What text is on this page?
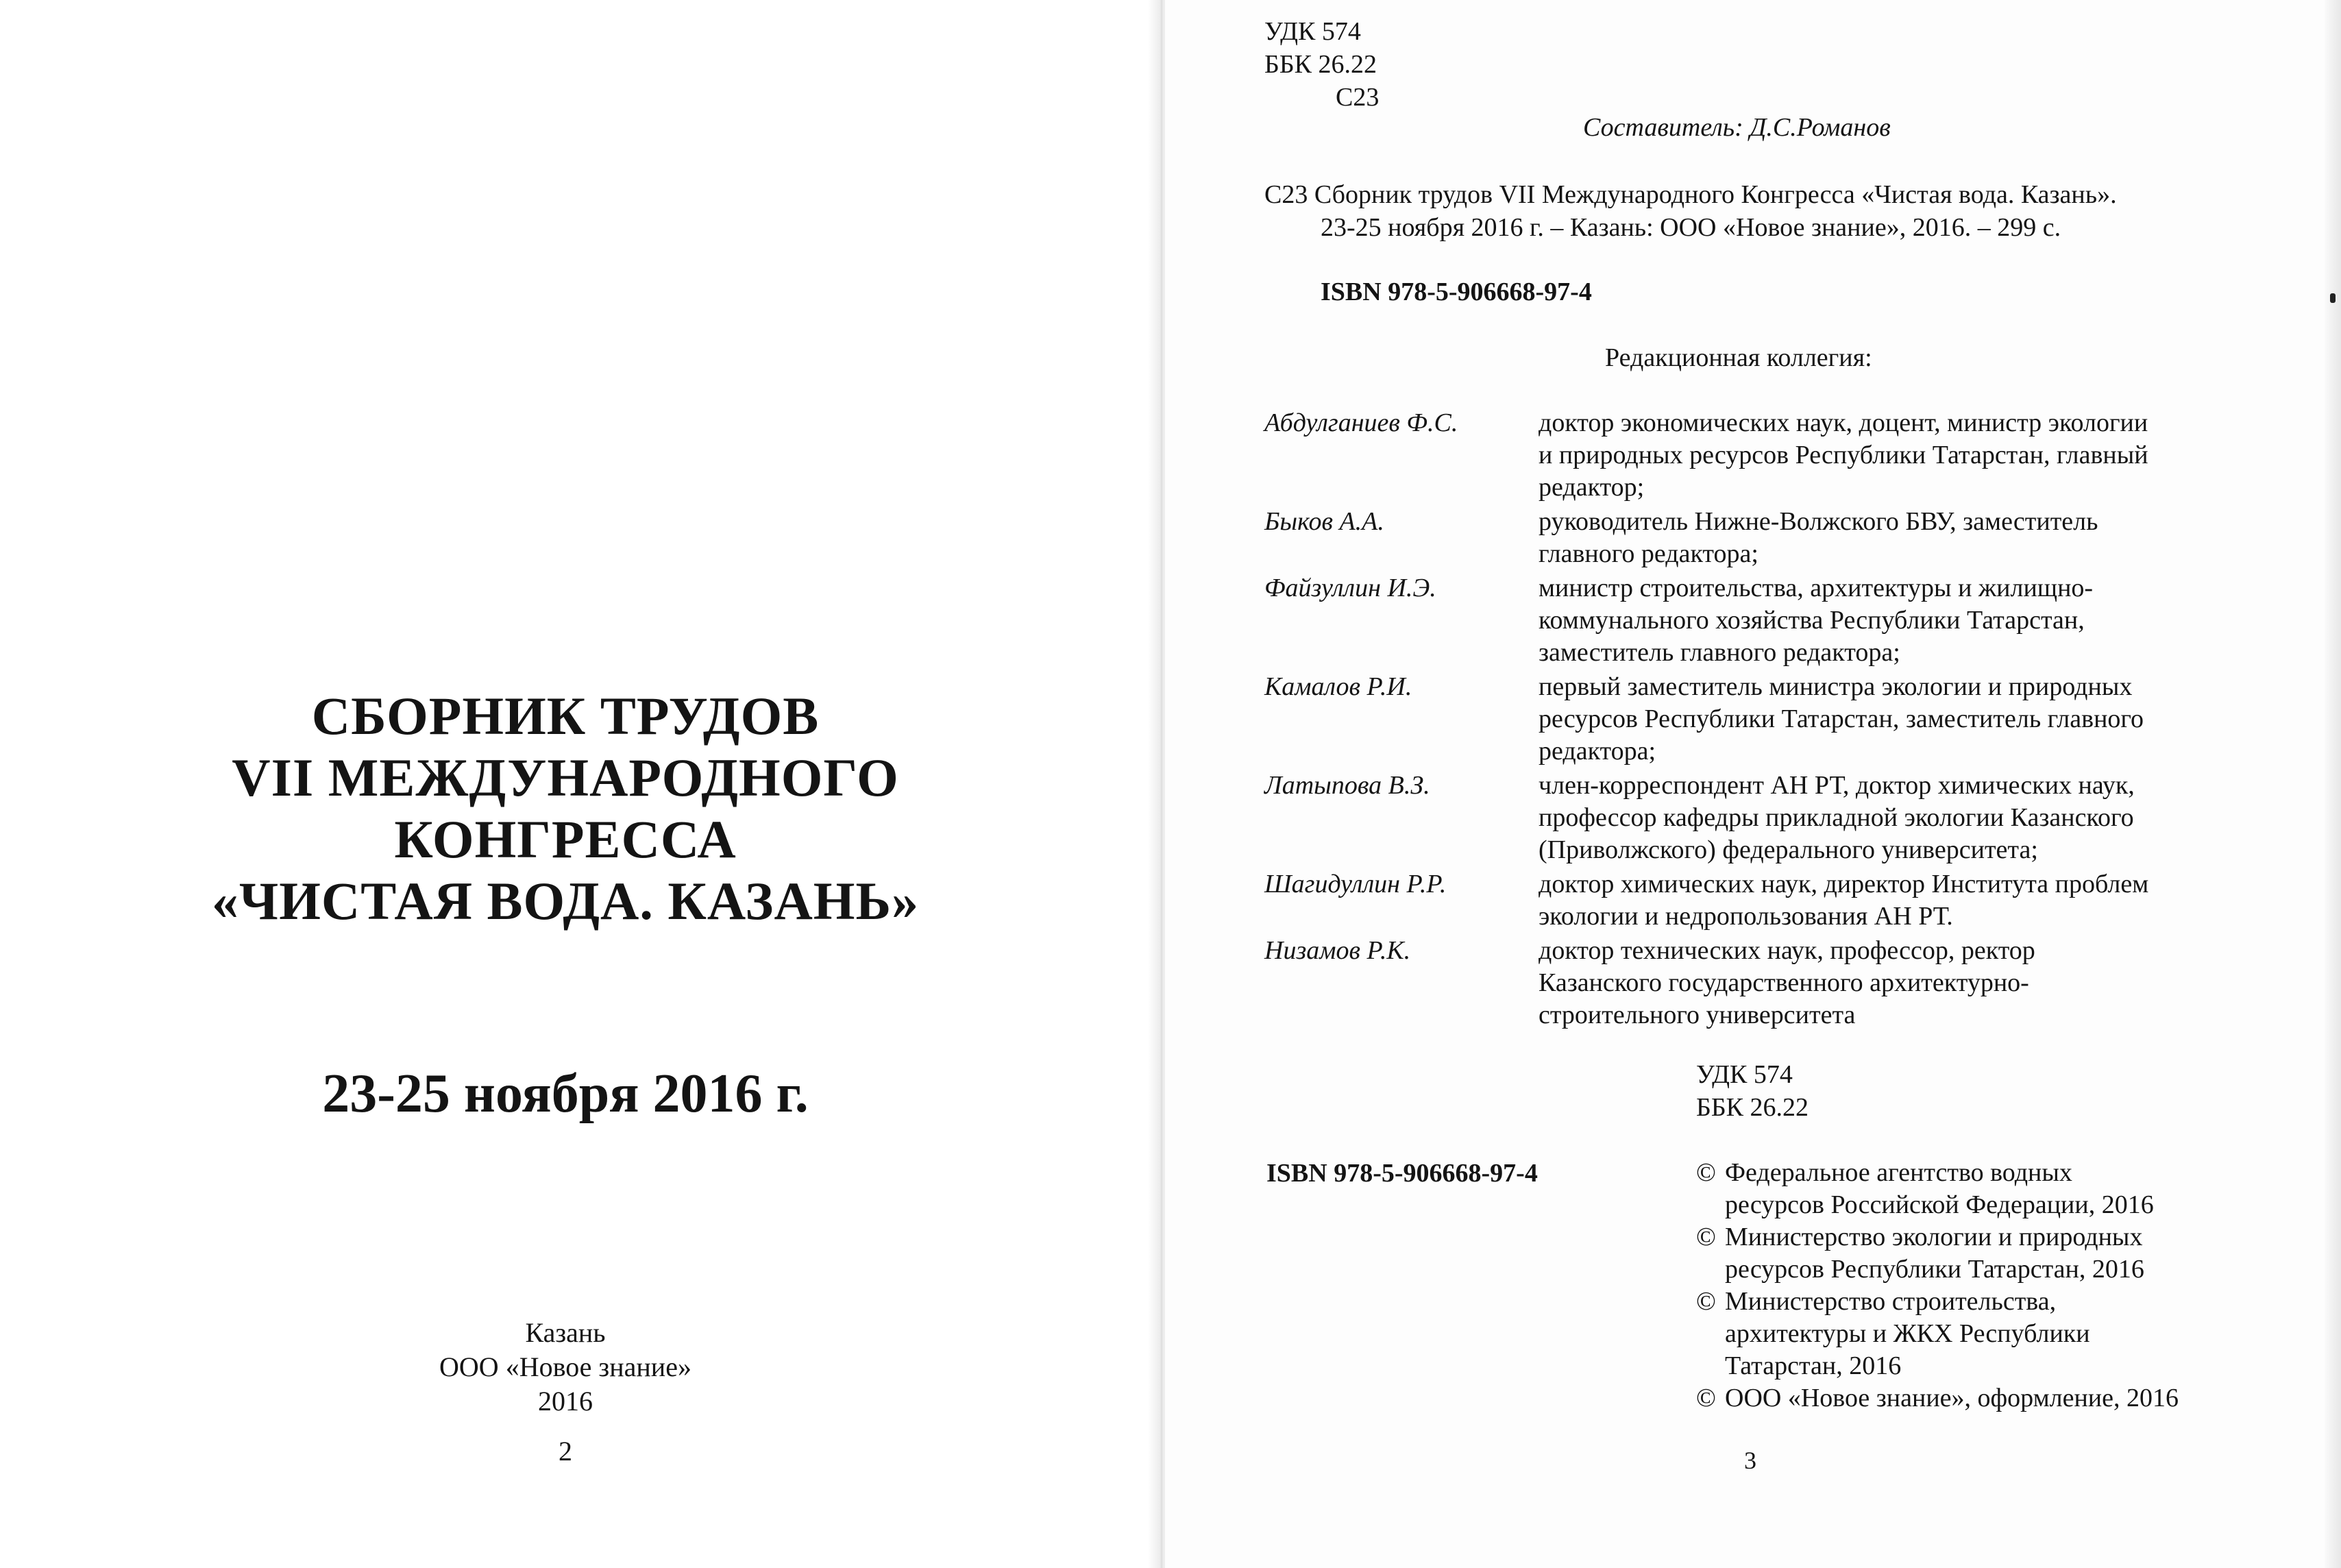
СБОРНИК ТРУДОВ
VII МЕЖДУНАРОДНОГО
КОНГРЕССА
«ЧИСТАЯ ВОДА. КАЗАНЬ»
23-25 ноября 2016 г.
Казань
ООО «Новое знание»
2016
2
УДК 574
ББК 26.22
С23
Составитель: Д.С.Романов
С23 Сборник трудов VII Международного Конгресса «Чистая вода. Казань».
23-25 ноября 2016 г. – Казань: ООО «Новое знание», 2016. – 299 с.
ISBN 978-5-906668-97-4
Редакционная коллегия:
Абдулганиев Ф.С.	доктор экономических наук, доцент, министр экологии
и природных ресурсов Республики Татарстан, главный
редактор;
Быков А.А.	руководитель Нижне-Волжского БВУ, заместитель
главного редактора;
Файзуллин И.Э.	министр строительства, архитектуры и жилищно-
коммунального хозяйства Республики Татарстан,
заместитель главного редактора;
Камалов Р.И.	первый заместитель министра экологии и природных
ресурсов Республики Татарстан, заместитель главного
редактора;
Латыпова В.З.	член-корреспондент АН РТ, доктор химических наук,
профессор кафедры прикладной экологии Казанского
(Приволжского) федерального университета;
Шагидуллин Р.Р.	доктор химических наук, директор Института проблем
экологии и недропользования АН РТ.
Низамов Р.К.	доктор технических наук, профессор, ректор
Казанского государственного архитектурно-
строительного университета
УДК 574
ББК 26.22
ISBN 978-5-906668-97-4	© Федеральное агентство водных
ресурсов Российской Федерации, 2016
© Министерство экологии и природных
ресурсов Республики Татарстан, 2016
© Министерство строительства,
архитектуры и ЖКХ Республики
Татарстан, 2016
© ООО «Новое знание», оформление, 2016
3
